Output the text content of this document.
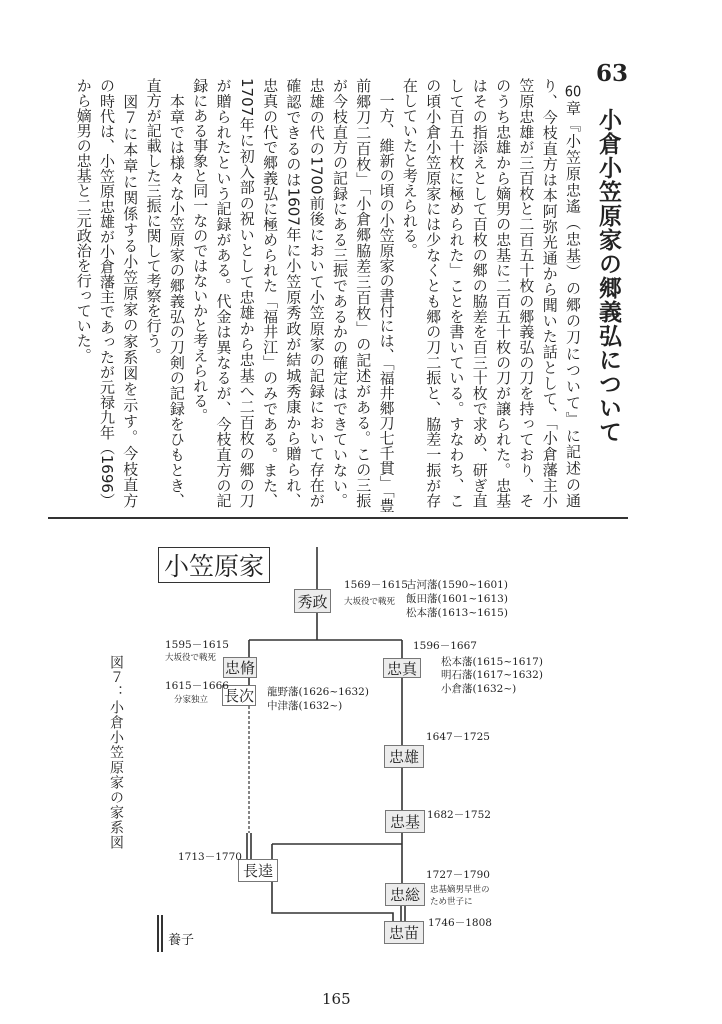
63
小倉小笠原家の郷義弘について
60章『小笠原忠遙（忠基）の郷の刀について』に記述の通
り、今枝直方は本阿弥光通から聞いた話として、「小倉藩主小
笠原忠雄が三百枚と二百五十枚の郷義弘の刀を持っており、そ
のうち忠雄から嫡男の忠基に二百五十枚の刀が譲られた。忠基
はその指添えとして百枚の郷の脇差を百三十枚で求め、研ぎ直
して百五十枚に極められた」ことを書いている。すなわち、こ
の頃小倉小笠原家には少なくとも郷の刀二振と、脇差一振が存
在していたと考えられる。
　一方、維新の頃の小笠原家の書付には、「福井郷刀七千貫」「豊
前郷刀二百枚」「小倉郷脇差三百枚」の記述がある。この三振
が今枝直方の記録にある三振であるかの確定はできていない。
忠雄の代の1700前後において小笠原家の記録において存在が
確認できるのは1607年に小笠原秀政が結城秀康から贈られ、
忠真の代で郷義弘に極められた「福井江」のみである。また、
1707年に初入部の祝いとして忠雄から忠基へ二百枚の郷の刀
が贈られたという記録がある。代金は異なるが、今枝直方の記
録にある事象と同一なのではないかと考えられる。
　本章では様々な小笠原家の郷義弘の刀剣の記録をひもとき、
直方が記載した三振に関して考察を行う。
　図７に本章に関係する小笠原家の家系図を示す。今枝直方
の時代は、小笠原忠雄が小倉藩主であったが元禄九年（1696）
から嫡男の忠基と二元政治を行っていた。
小笠原家
秀政
1569－1615
大坂役で戦死
古河藩(1590~1601)
飯田藩(1601~1613)
松本藩(1613~1615)
忠脩
1595－1615
大坂役で戦死
長次
1615－1666
分家独立
龍野藩(1626~1632)
中津藩(1632~)
忠真
1596－1667
松本藩(1615~1617)
明石藩(1617~1632)
小倉藩(1632~)
忠雄
1647－1725
忠基 1682－1752
長逵
1713－1770
忠総
1727－1790
忠基嫡男早世の
ため世子に
忠苗
1746－1808
養子
図７：小倉小笠原家の家系図
165
